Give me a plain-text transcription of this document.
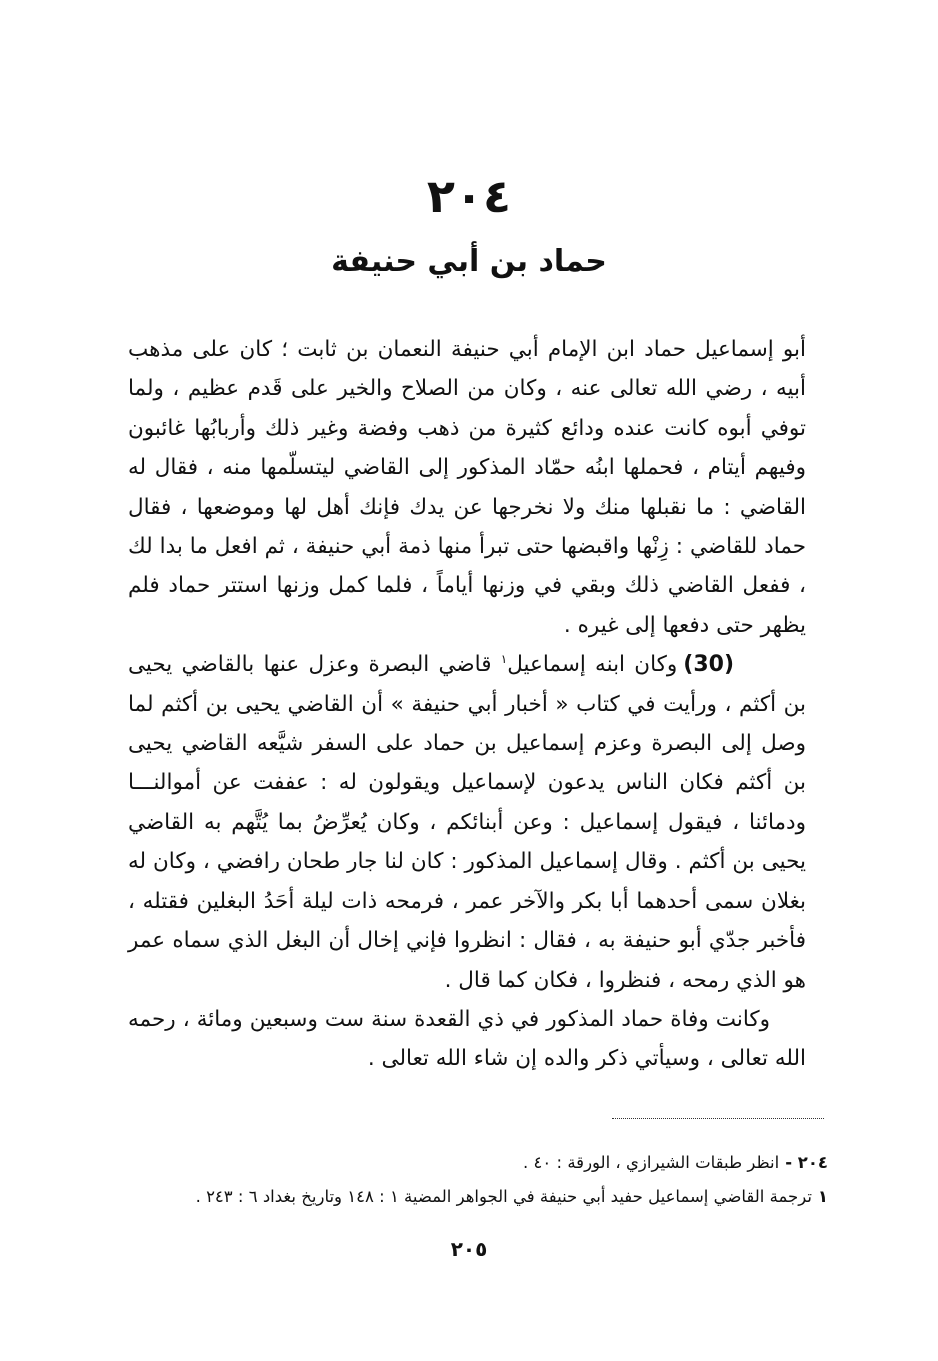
٢٠٤
حماد بن أبي حنيفة

أبو إسماعيل حماد ابن الإمام أبي حنيفة النعمان بن ثابت ؛ كان على مذهب أبيه ، رضي الله تعالى عنه ، وكان من الصلاح والخير على قَدم عظيم ، ولما توفي أبوه كانت عنده ودائع كثيرة من ذهب وفضة وغير ذلك وأربابُها غائبون وفيهم أيتام ، فحملها ابنُه حمّاد المذكور إلى القاضي ليتسلّمها منه ، فقال له القاضي : ما نقبلها منك ولا نخرجها عن يدك فإنك أهل لها وموضعها ، فقال حماد للقاضي : زِنْها واقبضها حتى تبرأ منها ذمة أبي حنيفة ، ثم افعل ما بدا لك ، ففعل القاضي ذلك وبقي في وزنها أياماً ، فلما كمل وزنها استتر حماد فلم يظهر حتى دفعها إلى غيره .

(30)وكان ابنه إسماعيل$^١$ قاضي البصرة وعزل عنها بالقاضي يحيى بن أكثم ، ورأيت في كتاب « أخبار أبي حنيفة » أن القاضي يحيى بن أكثم لما وصل إلى البصرة وعزم إسماعيل بن حماد على السفر شيَّعه القاضي يحيى بن أكثم فكان الناس يدعون لإسماعيل ويقولون له : عففت عن أموالنـــا ودمائنا ، فيقول إسماعيل : وعن أبنائكم ، وكان يُعرِّضُ بما يُتَّهم به القاضي يحيى بن أكثم . وقال إسماعيل المذكور : كان لنا جار طحان رافضي ، وكان له بغلان سمى أحدهما أبا بكر والآخر عمر ، فرمحه ذات ليلة أحَدُ البغلين فقتله ، فأخبر جدّي أبو حنيفة به ، فقال : انظروا فإني إخال أن البغل الذي سماه عمر هو الذي رمحه ، فنظروا ، فكان كما قال .

وكانت وفاة حماد المذكور في ذي القعدة سنة ست وسبعين ومائة ، رحمه الله تعالى ، وسيأتي ذكر والده إن شاء الله تعالى .

٢٠٤ -انظر طبقات الشيرازي ، الورقة : ٤٠ .
١ترجمة القاضي إسماعيل حفيد أبي حنيفة في الجواهر المضية ١ : ١٤٨ وتاريخ بغداد ٦ : ٢٤٣ .
٢٠٥
